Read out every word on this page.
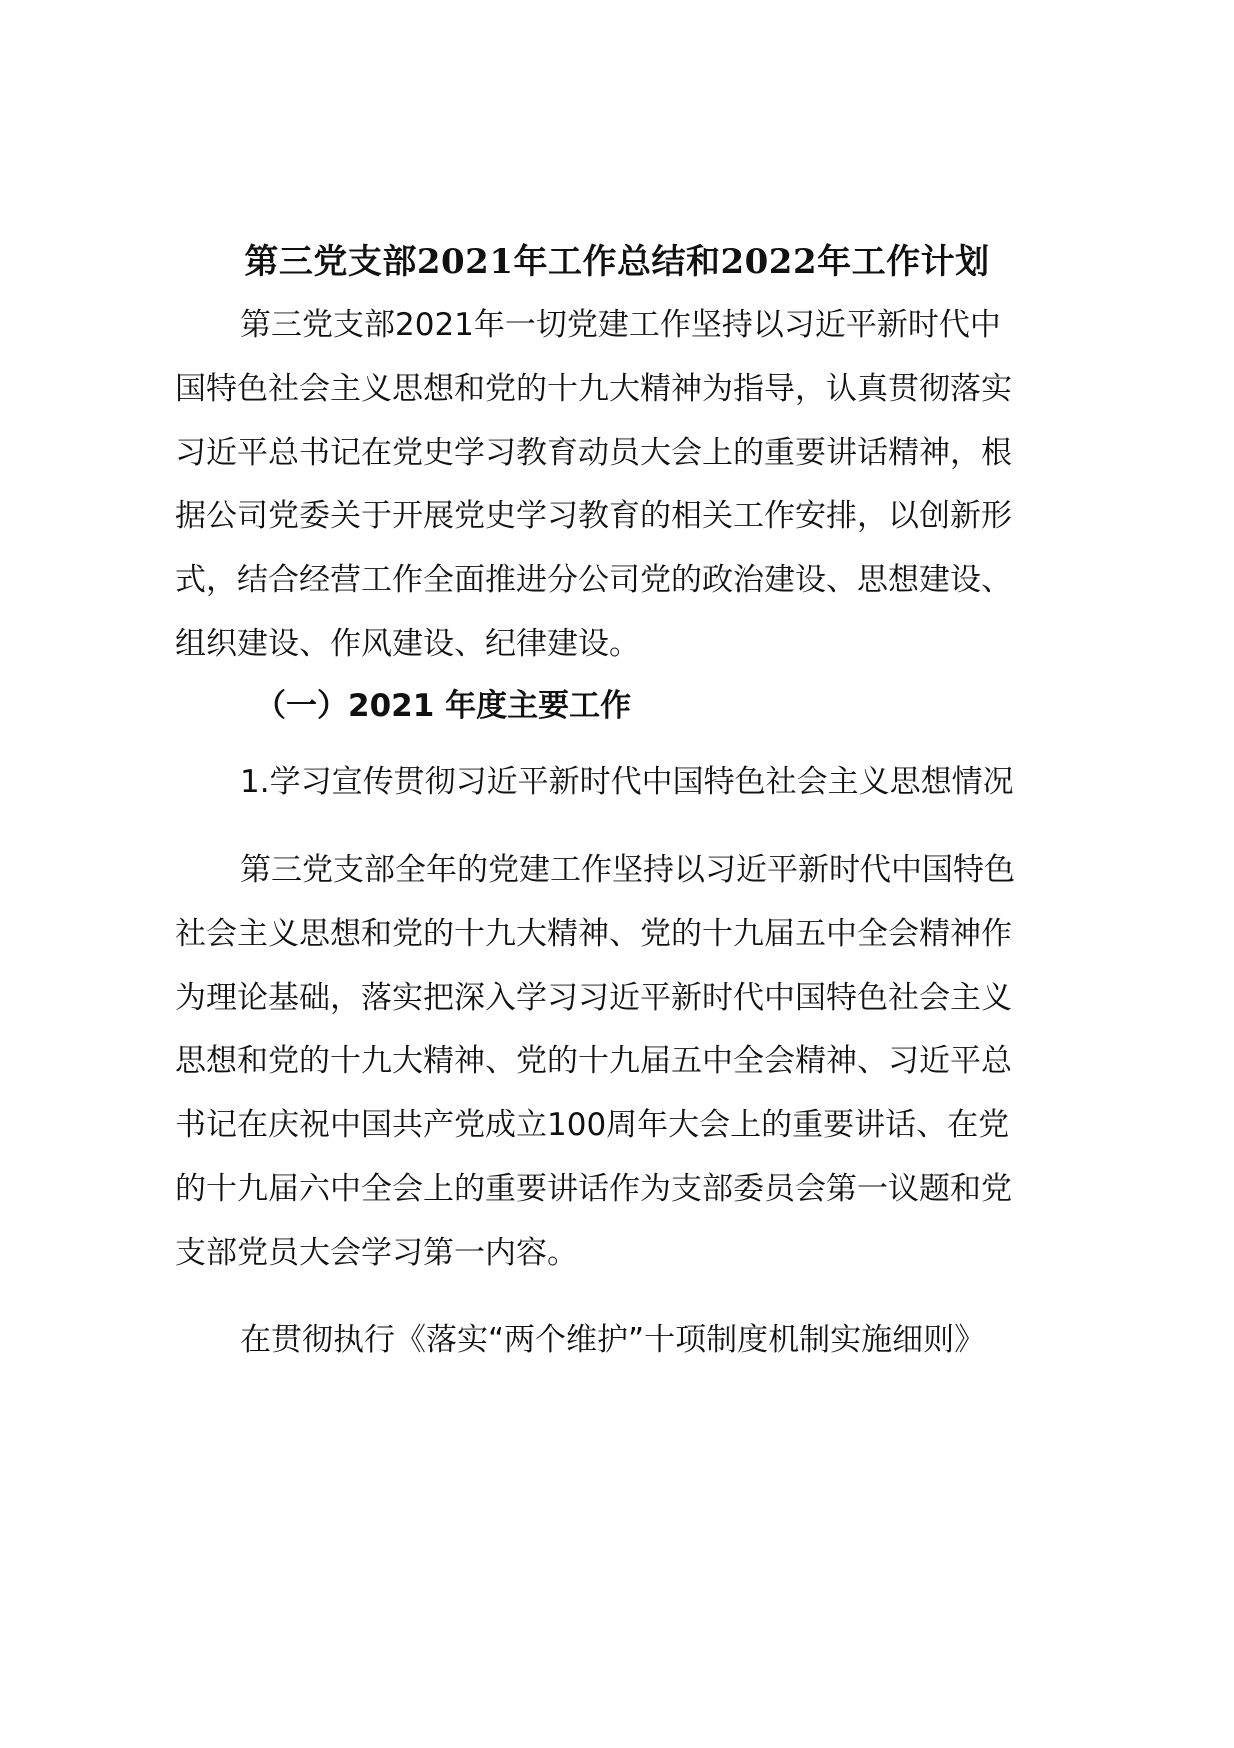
第三党支部2021年工作总结和2022年工作计划

第三党支部2021年一切党建工作坚持以习近平新时代中

国特色社会主义思想和党的十九大精神为指导，认真贯彻落实

习近平总书记在党史学习教育动员大会上的重要讲话精神，根

据公司党委关于开展党史学习教育的相关工作安排，以创新形

式，结合经营工作全面推进分公司党的政治建设、思想建设、

组织建设、作风建设、纪律建设。

（一）2021 年度主要工作

1.学习宣传贯彻习近平新时代中国特色社会主义思想情况

第三党支部全年的党建工作坚持以习近平新时代中国特色

社会主义思想和党的十九大精神、党的十九届五中全会精神作

为理论基础，落实把深入学习习近平新时代中国特色社会主义

思想和党的十九大精神、党的十九届五中全会精神、习近平总

书记在庆祝中国共产党成立100周年大会上的重要讲话、在党

的十九届六中全会上的重要讲话作为支部委员会第一议题和党

支部党员大会学习第一内容。

在贯彻执行《落实“两个维护”十项制度机制实施细则》
